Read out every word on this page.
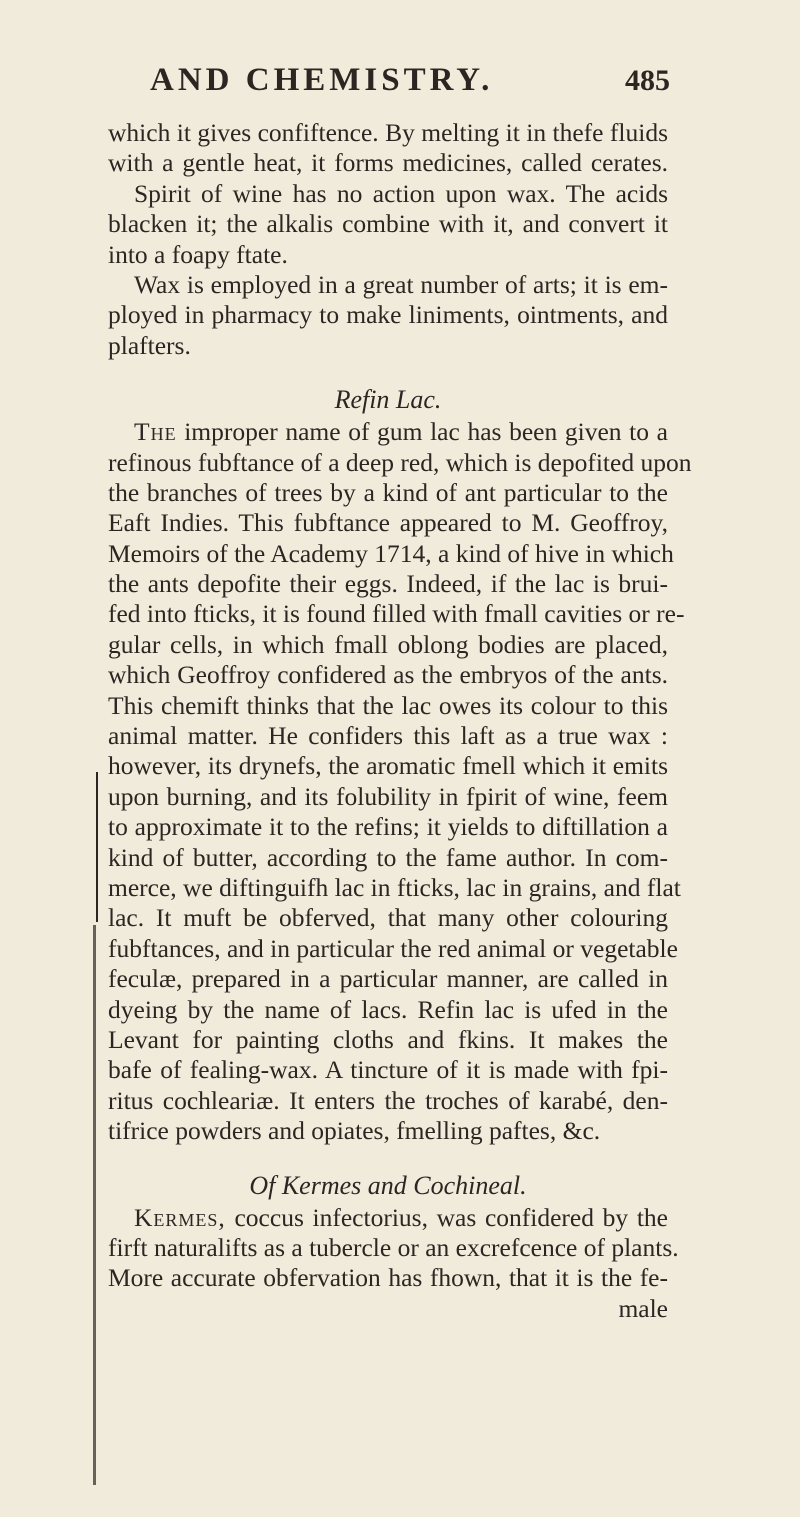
AND CHEMISTRY.	485
which it gives confiftence. By melting it in thefe fluids
with a gentle heat, it forms medicines, called cerates.
Spirit of wine has no action upon wax. The acids
blacken it; the alkalis combine with it, and convert it
into a foapy ftate.
Wax is employed in a great number of arts; it is em-
ployed in pharmacy to make liniments, ointments, and
plafters.
Refin Lac.
The improper name of gum lac has been given to a
refinous fubftance of a deep red, which is depofited upon
the branches of trees by a kind of ant particular to the
Eaft Indies. This fubftance appeared to M. Geoffroy,
Memoirs of the Academy 1714, a kind of hive in which
the ants depofite their eggs. Indeed, if the lac is brui-
fed into fticks, it is found filled with fmall cavities or re-
gular cells, in which fmall oblong bodies are placed,
which Geoffroy confidered as the embryos of the ants.
This chemift thinks that the lac owes its colour to this
animal matter. He confiders this laft as a true wax :
however, its drynefs, the aromatic fmell which it emits
upon burning, and its folubility in fpirit of wine, feem
to approximate it to the refins; it yields to diftillation a
kind of butter, according to the fame author. In com-
merce, we diftinguifh lac in fticks, lac in grains, and flat
lac. It muft be obferved, that many other colouring
fubftances, and in particular the red animal or vegetable
feculæ, prepared in a particular manner, are called in
dyeing by the name of lacs. Refin lac is ufed in the
Levant for painting cloths and fkins. It makes the
bafe of fealing-wax. A tincture of it is made with fpi-
ritus cochleariæ. It enters the troches of karabé, den-
tifrice powders and opiates, fmelling paftes, &c.
Of Kermes and Cochineal.
Kermes, coccus infectorius, was confidered by the
firft naturalifts as a tubercle or an excrefcence of plants.
More accurate obfervation has fhown, that it is the fe-
male
